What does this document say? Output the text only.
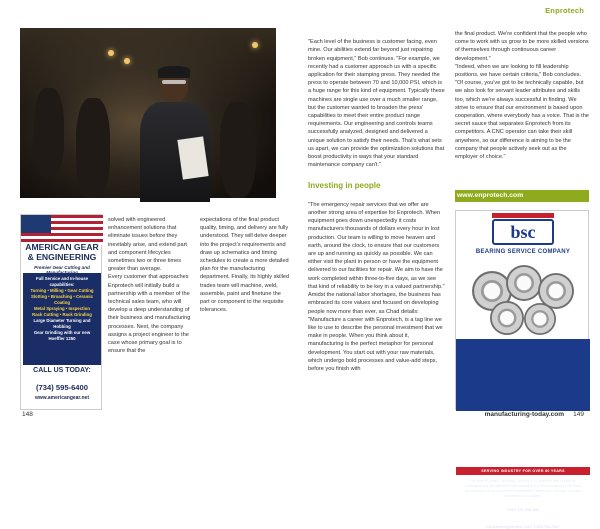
AMERICAN GEAR
& ENGINEERING
Premier Gear Cutting and
Full Service and In-house capabilities:
Turning • Milling • Gear Cutting
Slotting • Broaching • Ceramic Coating
Metal Spraying • Inspection
Rack Cutting • Rack Grinding
Large Diameter Turning and Hobbing
Gear Grinding with our new Hoeffler 1250
CALL US TODAY:
(734) 595-6400
www.americangear.net
solved with engineered enhancement solutions that eliminate issues before they inevitably arise, and extend part and component lifecycles sometimes two or three times greater than average.
Every customer that approaches Enprotech will initially build a partnership with a member of the technical sales team, who will develop a deep understanding of their business and manufacturing processes. Next, the company assigns a project engineer to the case whose primary goal is to ensure that the
expectations of the final product quality, timing, and delivery are fully understood. They will delve deeper into the project's requirements and draw up schematics and timing schedules to create a more detailed plan for the manufacturing department. Finally, its highly skilled trades team will machine, weld, assemble, paint and finetune the part or component to the requisite tolerances.
148
Enprotech

"Each level of the business is customer facing, even mine. Our abilities extend far beyond just repairing broken equipment," Bob continues. "For example, we recently had a customer approach us with a specific application for their stamping press. They needed the press to operate between 70 and 10,000 PSI, which is a huge range for this kind of equipment. Typically these machines are single use over a much smaller range, but the customer wanted to broaden the press' capabilities to meet their entire product range requirements. Our engineering and controls teams successfully analyzed, designed and delivered a unique solution to satisfy their needs. That's what sets us apart, we can provide the optimization solutions that boost productivity in ways that your standard maintenance company can't."

Investing in people

"The emergency repair services that we offer are another strong area of expertise for Enprotech. When equipment goes down unexpectedly it costs manufacturers thousands of dollars every hour in lost production. Our team is willing to move heaven and earth, around the clock, to ensure that our customers are up and running as quickly as possible. We can either visit the plant in person or have the equipment delivered to our facilities for repair. We aim to have the work completed within three-to-five days, as we see that kind of reliability to be key in a valued partnership."
Amidst the national labor shortages, the business has embraced its core values and focused on developing people now more than ever, as Chad details: "Manufacture a career with Enprotech, is a tag line we like to use to describe the personal investment that we make in people. When you think about it, manufacturing is the perfect metaphor for personal development. You start out with your raw materials, which undergo bold processes and value-add steps, before you finish with

the final product. We're confident that the people who come to work with us grow to be more skilled versions of themselves through continuous career development."
"Indeed, when we are looking to fill leadership positions, we have certain criteria," Bob concludes. "Of course, you've got to be technically capable, but we also look for servant leader attributes and skills too, which we're always successful in finding. We strive to ensure that our environment is based upon cooperation, where everybody has a voice. That is the secret sauce that separates Enprotech from its competitors. A CNC operator can take their skill anywhere, so our difference is aiming to be the company that people actively seek out as the employer of choice."
www.enprotech.com
bsc
BEARING SERVICE COMPANY
SERVING INDUSTRY FOR OVER 80 YEARS
For over 80 years, BEARING SERVICE COMPANY has utilized its manufacturing and distributor partnerships to power solutions to the most demanding bearing and power transmission challenges, through new and innovative technologies.
VISIT US ONLINE
bearing-service.com
bsc@bearing-service.com | 1.800.783.2327
manufacturing-today.com 149
